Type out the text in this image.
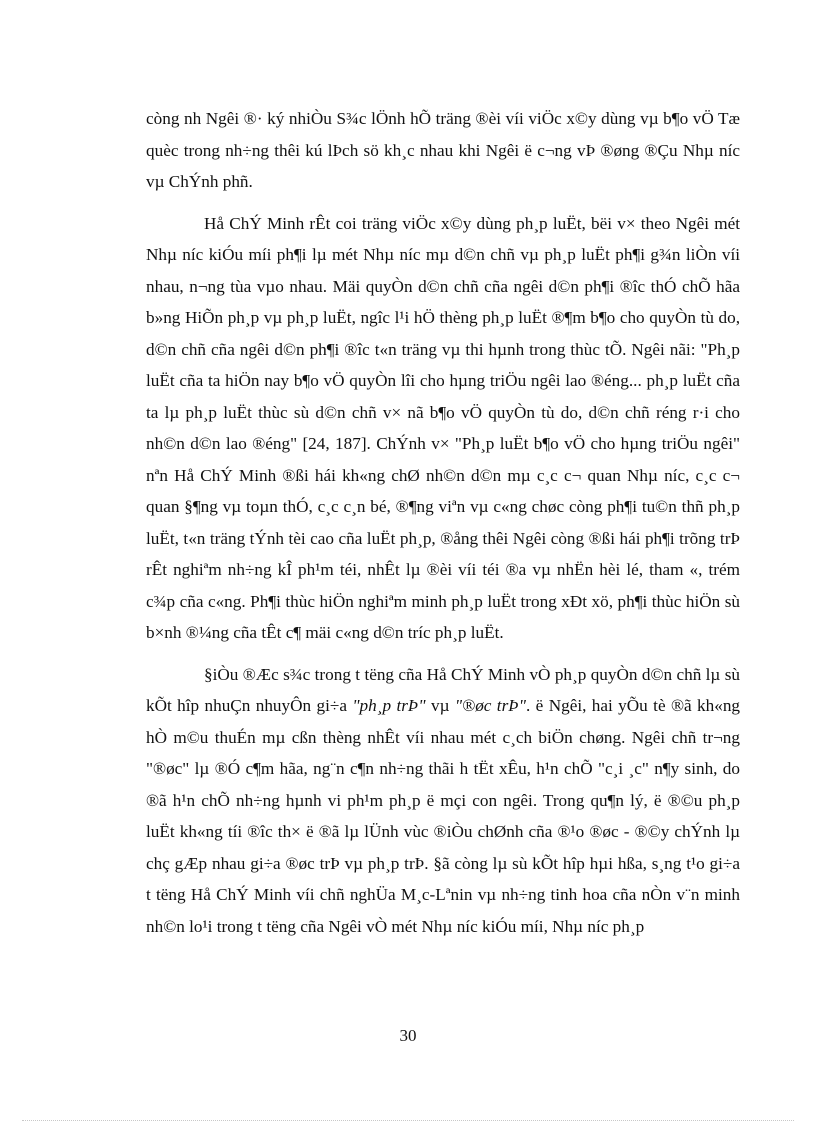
còng nh Ngêi ®· ký nhiÒu S¾c lÖnh hÕ träng ®èi víi viÖc x©y dùng vµ b¶o vÖ Tæ quèc trong nh÷ng thêi kú lÞch sö kh¸c nhau khi Ngêi ë c¬ng vÞ ®øng ®Çu Nhµ níc vµ ChÝnh phñ.

Hå ChÝ Minh rÊt coi träng viÖc x©y dùng ph¸p luËt, bëi v× theo Ngêi mét Nhµ níc kiÓu míi ph¶i lµ mét Nhµ níc mµ d©n chñ vµ ph¸p luËt ph¶i g¾n liÒn víi nhau, n¬ng tùa vµo nhau. Mäi quyÒn d©n chñ cña ngêi d©n ph¶i ®îc thÓ chÕ hãa b»ng HiÕn ph¸p vµ ph¸p luËt, ngîc l¹i hÖ thèng ph¸p luËt ®¶m b¶o cho quyÒn tù do, d©n chñ cña ngêi d©n ph¶i ®îc t«n träng vµ thi hµnh trong thùc tÕ. Ngêi nãi: "Ph¸p luËt cña ta hiÖn nay b¶o vÖ quyÒn lîi cho hµng triÖu ngêi lao ®éng... ph¸p luËt cña ta lµ ph¸p luËt thùc sù d©n chñ v× nã b¶o vÖ quyÒn tù do, d©n chñ réng r·i cho nh©n d©n lao ®éng" [24, 187]. ChÝnh v× "Ph¸p luËt b¶o vÖ cho hµng triÖu ngêi" nªn Hå ChÝ Minh ®ßi hái kh«ng chØ nh©n d©n mµ c¸c c¬ quan Nhµ níc, c¸c c¬ quan §¶ng vµ toµn thÓ, c¸c c¸n bé, ®¶ng viªn vµ c«ng chøc còng ph¶i tu©n thñ ph¸p luËt, t«n träng tÝnh tèi cao cña luËt ph¸p, ®ång thêi Ngêi còng ®ßi hái ph¶i trõng trÞ rÊt nghiªm nh÷ng kÎ ph¹m téi, nhÊt lµ ®èi víi téi ®a vµ nhËn hèi lé, tham «, trém c¾p cña c«ng. Ph¶i thùc hiÖn nghiªm minh ph¸p luËt trong xÐt xö, ph¶i thùc hiÖn sù b×nh ®¼ng cña tÊt c¶ mäi c«ng d©n tríc ph¸p luËt.

§iÒu ®Æc s¾c trong t tëng cña Hå ChÝ Minh vÒ ph¸p quyÒn d©n chñ lµ sù kÕt hîp nhuÇn nhuyÔn gi÷a "ph¸p trÞ" vµ "®øc trÞ". ë Ngêi, hai yÕu tè ®ã kh«ng hÒ m©u thuÉn mµ cßn thèng nhÊt víi nhau mét c¸ch biÖn chøng. Ngêi chñ tr¬ng "®øc" lµ ®Ó c¶m hãa, ng¨n c¶n nh÷ng thãi h tËt xÊu, h¹n chÕ "c¸i ¸c" n¶y sinh, do ®ã h¹n chÕ nh÷ng hµnh vi ph¹m ph¸p ë mçi con ngêi. Trong qu¶n lý, ë ®©u ph¸p luËt kh«ng tíi ®îc th× ë ®ã lµ lÜnh vùc ®iÒu chØnh cña ®¹o ®øc - ®©y chÝnh lµ chç gÆp nhau gi÷a ®øc trÞ vµ ph¸p trÞ. §ã còng lµ sù kÕt hîp hµi hßa, s¸ng t¹o gi÷a t tëng Hå ChÝ Minh víi chñ nghÜa M¸c-Lªnin vµ nh÷ng tinh hoa cña nÒn v¨n minh nh©n lo¹i trong t tëng cña Ngêi vÒ mét Nhµ níc kiÓu míi, Nhµ níc ph¸p

30
